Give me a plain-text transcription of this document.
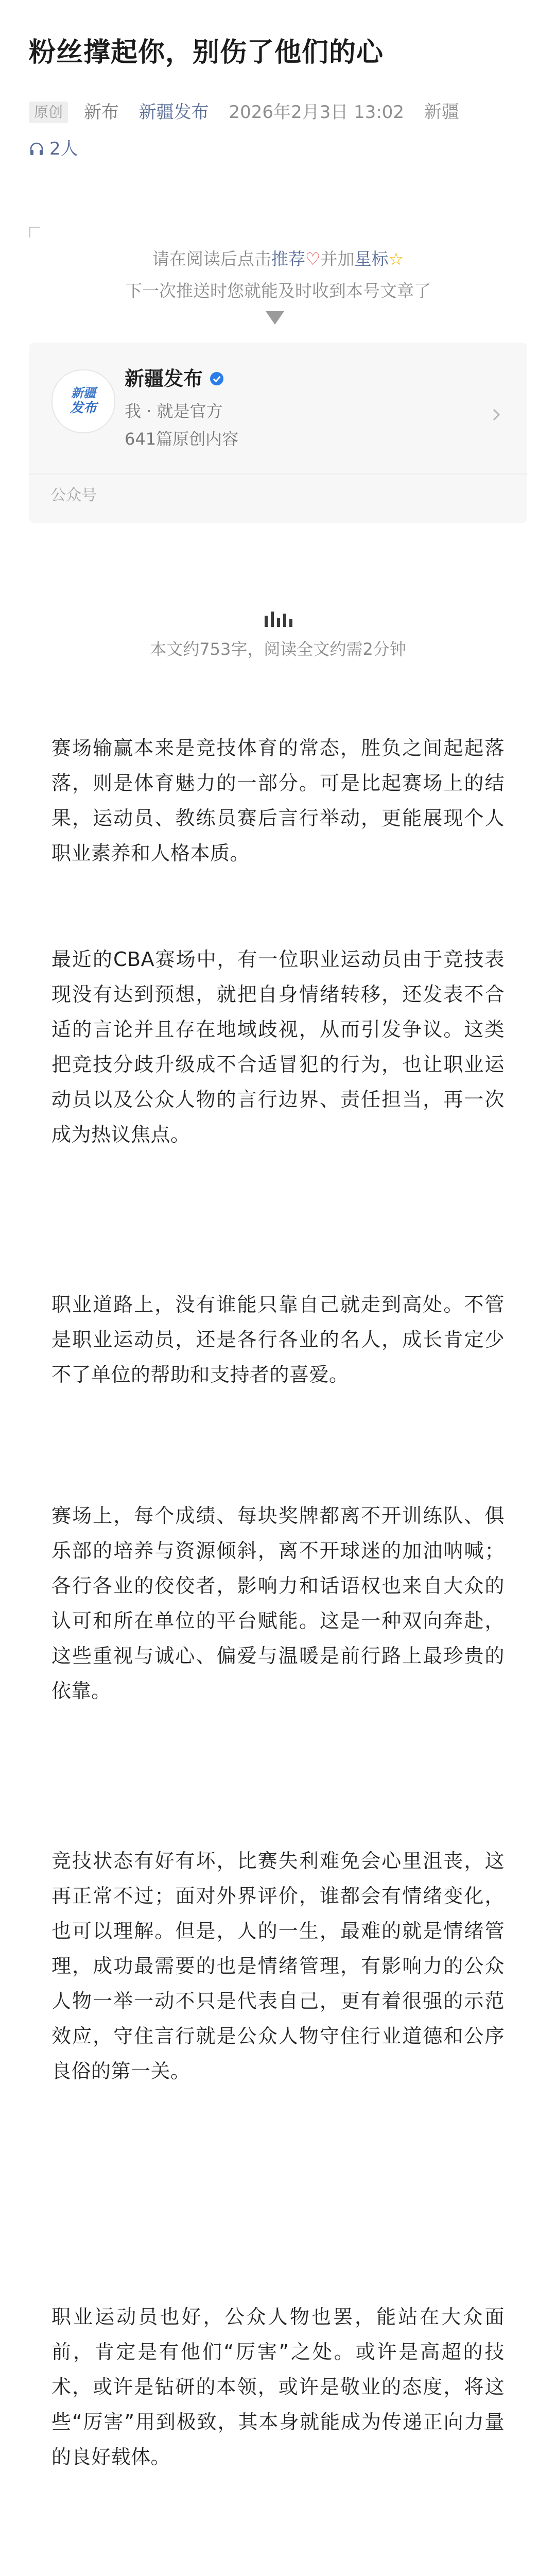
粉丝撑起你，别伤了他们的心
原创 新布 新疆发布 2026年2月3日 13:02 新疆
2人
请在阅读后点击推荐♡并加星标☆
下一次推送时您就能及时收到本号文章了
新疆
发布
新疆发布
我 · 就是官方
641篇原创内容
公众号
本文约753字，阅读全文约需2分钟

赛场输赢本来是竞技体育的常态，胜负之间起起落落，则是体育魅力的一部分。可是比起赛场上的结果，运动员、教练员赛后言行举动，更能展现个人职业素养和人格本质。

最近的CBA赛场中，有一位职业运动员由于竞技表现没有达到预想，就把自身情绪转移，还发表不合适的言论并且存在地域歧视，从而引发争议。这类把竞技分歧升级成不合适冒犯的行为，也让职业运动员以及公众人物的言行边界、责任担当，再一次成为热议焦点。

职业道路上，没有谁能只靠自己就走到高处。不管是职业运动员，还是各行各业的名人，成长肯定少不了单位的帮助和支持者的喜爱。

赛场上，每个成绩、每块奖牌都离不开训练队、俱乐部的培养与资源倾斜，离不开球迷的加油呐喊；各行各业的佼佼者，影响力和话语权也来自大众的认可和所在单位的平台赋能。这是一种双向奔赴，这些重视与诚心、偏爱与温暖是前行路上最珍贵的依靠。

竞技状态有好有坏，比赛失利难免会心里沮丧，这再正常不过；面对外界评价，谁都会有情绪变化，也可以理解。但是，人的一生，最难的就是情绪管理，成功最需要的也是情绪管理，有影响力的公众人物一举一动不只是代表自己，更有着很强的示范效应，守住言行就是公众人物守住行业道德和公序良俗的第一关。

职业运动员也好，公众人物也罢，能站在大众面前，肯定是有他们“厉害”之处。或许是高超的技术，或许是钻研的本领，或许是敬业的态度，将这些“厉害”用到极致，其本身就能成为传递正向力量的良好载体。
